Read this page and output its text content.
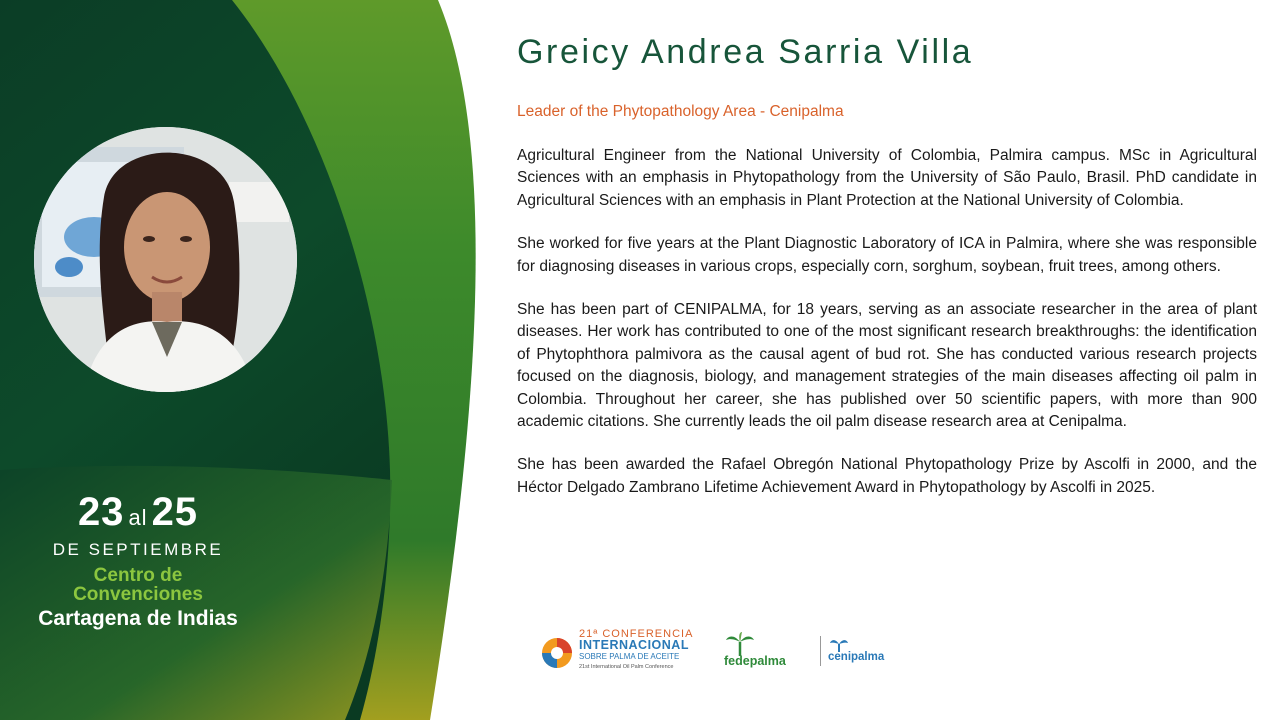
23 al 25
DE SEPTIEMBRE
Centro de
Convenciones
Cartagena de Indias
Greicy Andrea Sarria Villa
Leader of the Phytopathology Area - Cenipalma

Agricultural Engineer from the National University of Colombia, Palmira campus. MSc in Agricultural Sciences with an emphasis in Phytopathology from the University of São Paulo, Brasil. PhD candidate in Agricultural Sciences with an emphasis in Plant Protection at the National University of Colombia.

She worked for five years at the Plant Diagnostic Laboratory of ICA in Palmira, where she was responsible for diagnosing diseases in various crops, especially corn, sorghum, soybean, fruit trees, among others.

She has been part of CENIPALMA, for 18 years, serving as an associate researcher in the area of plant diseases. Her work has contributed to one of the most significant research breakthroughs: the identification of Phytophthora palmivora as the causal agent of bud rot. She has conducted various research projects focused on the diagnosis, biology, and management strategies of the main diseases affecting oil palm in Colombia. Throughout her career, she has published over 50 scientific papers, with more than 900 academic citations. She currently leads the oil palm disease research area at Cenipalma.

She has been awarded the Rafael Obregón National Phytopathology Prize by Ascolfi in 2000, and the Héctor Delgado Zambrano Lifetime Achievement Award in Phytopathology by Ascolfi in 2025.

21ª CONFERENCIA
INTERNACIONAL
SOBRE PALMA DE ACEITE
21st International Oil Palm Conference	fedepalma	cenipalma
